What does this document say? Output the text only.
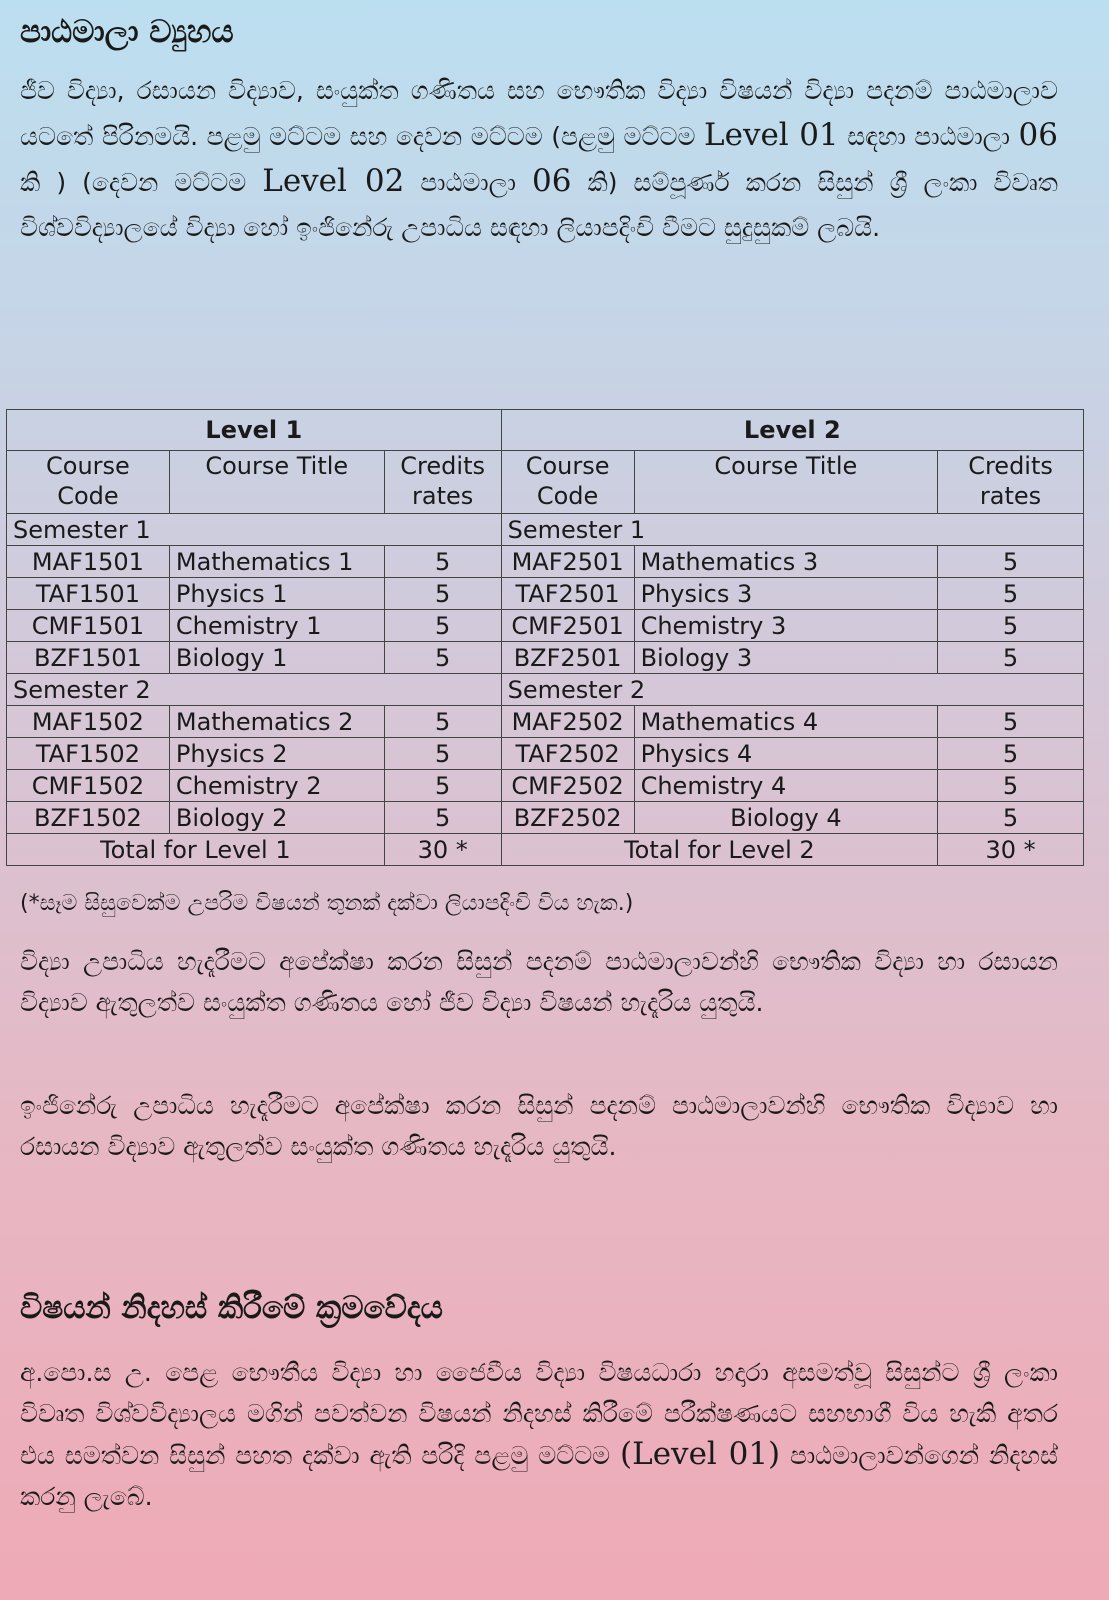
පාඨමාලා ව්‍යුහය

ජීව විද්‍යා, රසායන විද්‍යාව, සංයුක්ත ගණිතය සහ භෞතික විද්‍යා විෂයන් විද්‍යා පදනම් පාඨමාලාව යටතේ පිරිනමයි. පළමු මට්ටම සහ දෙවන මට්ටම (පළමු මට්ටම Level 01 සඳහා පාඨමාලා 06 කි ) (දෙවන මට්ටම Level 02 පාඨමාලා 06 කි) සම්පූර්ණ කරන සිසුන් ශ්‍රී ලංකා විවෘත විශ්වවිද්‍යාලයේ විද්‍යා හෝ ඉංජිනේරු උපාධිය සඳහා ලියාපදිංචි වීමට සුදුසුකම් ලබයි.

Level 1			Level 2		
Course Code	Course Title	Credits rates	Course Code	Course Title	Credits rates
Semester 1			Semester 1		
MAF1501	Mathematics 1	5	MAF2501	Mathematics 3	5
TAF1501	Physics 1	5	TAF2501	Physics 3	5
CMF1501	Chemistry 1	5	CMF2501	Chemistry 3	5
BZF1501	Biology 1	5	BZF2501	Biology 3	5
Semester 2			Semester 2		
MAF1502	Mathematics 2	5	MAF2502	Mathematics 4	5
TAF1502	Physics 2	5	TAF2502	Physics 4	5
CMF1502	Chemistry 2	5	CMF2502	Chemistry 4	5
BZF1502	Biology 2	5	BZF2502	Biology 4	5
Total for Level 1		30 *	Total for Level 2		30 *

(*සෑම සිසුවෙක්ම උපරිම විෂයන් තුනක් දක්වා ලියාපදිංචි විය හැක.)

විද්‍යා උපාධිය හැදෑරීමට අපේක්ෂා කරන සිසුන් පදනම් පාඨමාලාවන්හි භෞතික විද්‍යා හා රසායන විද්‍යාව ඇතුලත්ව සංයුක්ත ගණිතය හෝ ජීව විද්‍යා විෂයන් හැදෑරිය යුතුයි.

ඉංජිනේරු උපාධිය හැදෑරීමට අපේක්ෂා කරන සිසුන් පදනම් පාඨමාලාවන්හි භෞතික විද්‍යාව හා රසායන විද්‍යාව ඇතුලත්ව සංයුක්ත ගණිතය හැදෑරිය යුතුයි.

විෂයන් නිදහස් කිරීමේ ක්‍රමවේදය

අ.පො.ස උ. පෙළ භෞතීය විද්‍යා හා ජෛවීය විද්‍යා විෂයධාරා හදාරා අසමත්වූ සිසුන්ට ශ්‍රී ලංකා විවෘත විශ්වවිද්‍යාලය මගින් පවත්වන විෂයන් නිදහස් කිරීමේ පරීක්ෂණයට සහභාගී විය හැකි අතර එය සමත්වන සිසුන් පහත දක්වා ඇති පරිදි පළමු මට්ටම (Level 01) පාඨමාලාවන්ගෙන් නිදහස් කරනු ලැබේ.
